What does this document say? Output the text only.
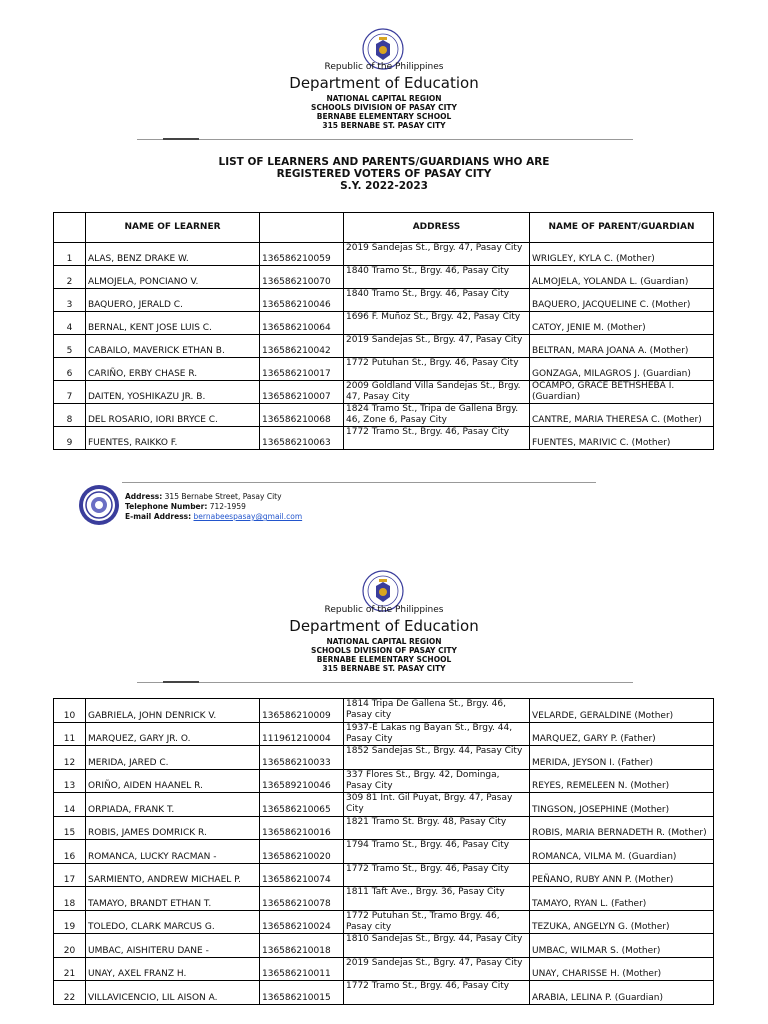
Republic of the Philippines
Department of Education
NATIONAL CAPITAL REGION
SCHOOLS DIVISION OF PASAY CITY
BERNABE ELEMENTARY SCHOOL
315 BERNABE ST. PASAY CITY
LIST OF LEARNERS AND PARENTS/GUARDIANS WHO ARE
REGISTERED VOTERS OF PASAY CITY
S.Y. 2022-2023
	NAME OF LEARNER		ADDRESS	NAME OF PARENT/GUARDIAN
1	ALAS, BENZ DRAKE W.	136586210059	2019 Sandejas St., Brgy. 47, Pasay City	WRIGLEY, KYLA C. (Mother)
2	ALMOJELA, PONCIANO V.	136586210070	1840 Tramo St., Brgy. 46, Pasay City	ALMOJELA, YOLANDA L. (Guardian)
3	BAQUERO, JERALD C.	136586210046	1840 Tramo St., Brgy. 46, Pasay City	BAQUERO, JACQUELINE C. (Mother)
4	BERNAL, KENT JOSE LUIS C.	136586210064	1696 F. Muñoz St., Brgy. 42, Pasay City	CATOY, JENIE M. (Mother)
5	CABAILO, MAVERICK ETHAN B.	136586210042	2019 Sandejas St., Brgy. 47, Pasay City	BELTRAN, MARA JOANA A. (Mother)
6	CARIÑO, ERBY CHASE R.	136586210017	1772 Putuhan St., Brgy. 46, Pasay City	GONZAGA, MILAGROS J. (Guardian)
7	DAITEN, YOSHIKAZU JR. B.	136586210007	2009 Goldland Villa Sandejas St., Brgy. 47, Pasay City	OCAMPO, GRACE BETHSHEBA I. (Guardian)
8	DEL ROSARIO, IORI BRYCE C.	136586210068	1824 Tramo St., Tripa de Gallena Brgy. 46, Zone 6, Pasay City	CANTRE, MARIA THERESA C. (Mother)
9	FUENTES, RAIKKO F.	136586210063	1772 Tramo St., Brgy. 46, Pasay City	FUENTES, MARIVIC C. (Mother)
Address: 315 Bernabe Street, Pasay City
Telephone Number: 712-1959
E-mail Address: bernabeespasay@gmail.com
Republic of the Philippines
Department of Education
NATIONAL CAPITAL REGION
SCHOOLS DIVISION OF PASAY CITY
BERNABE ELEMENTARY SCHOOL
315 BERNABE ST. PASAY CITY
10	GABRIELA, JOHN DENRICK V.	136586210009	1814 Tripa De Gallena St., Brgy. 46, Pasay city	VELARDE, GERALDINE (Mother)
11	MARQUEZ, GARY JR. O.	111961210004	1937-E Lakas ng Bayan St., Brgy. 44, Pasay City	MARQUEZ, GARY P. (Father)
12	MERIDA, JARED C.	136586210033	1852 Sandejas St., Brgy. 44, Pasay City	MERIDA, JEYSON I. (Father)
13	ORIÑO, AIDEN HAANEL R.	136589210046	337 Flores St., Brgy. 42, Dominga, Pasay City	REYES, REMELEEN N. (Mother)
14	ORPIADA, FRANK T.	136586210065	309 81 Int. Gil Puyat, Brgy. 47, Pasay City	TINGSON, JOSEPHINE (Mother)
15	ROBIS, JAMES DOMRICK R.	136586210016	1821 Tramo St. Brgy. 48, Pasay City	ROBIS, MARIA BERNADETH R. (Mother)
16	ROMANCA, LUCKY RACMAN -	136586210020	1794 Tramo St., Brgy. 46, Pasay City	ROMANCA, VILMA M. (Guardian)
17	SARMIENTO, ANDREW MICHAEL P.	136586210074	1772 Tramo St., Brgy. 46, Pasay City	PEÑANO, RUBY ANN P. (Mother)
18	TAMAYO, BRANDT ETHAN T.	136586210078	1811 Taft Ave., Brgy. 36, Pasay City	TAMAYO, RYAN L. (Father)
19	TOLEDO, CLARK MARCUS G.	136586210024	1772 Putuhan St., Tramo Brgy. 46, Pasay city	TEZUKA, ANGELYN G. (Mother)
20	UMBAC, AISHITERU DANE -	136586210018	1810 Sandejas St., Brgy. 44, Pasay City	UMBAC, WILMAR S. (Mother)
21	UNAY, AXEL FRANZ H.	136586210011	2019 Sandejas St., Bgry. 47, Pasay City	UNAY, CHARISSE H. (Mother)
22	VILLAVICENCIO, LIL AISON A.	136586210015	1772 Tramo St., Brgy. 46, Pasay City	ARABIA, LELINA P. (Guardian)
